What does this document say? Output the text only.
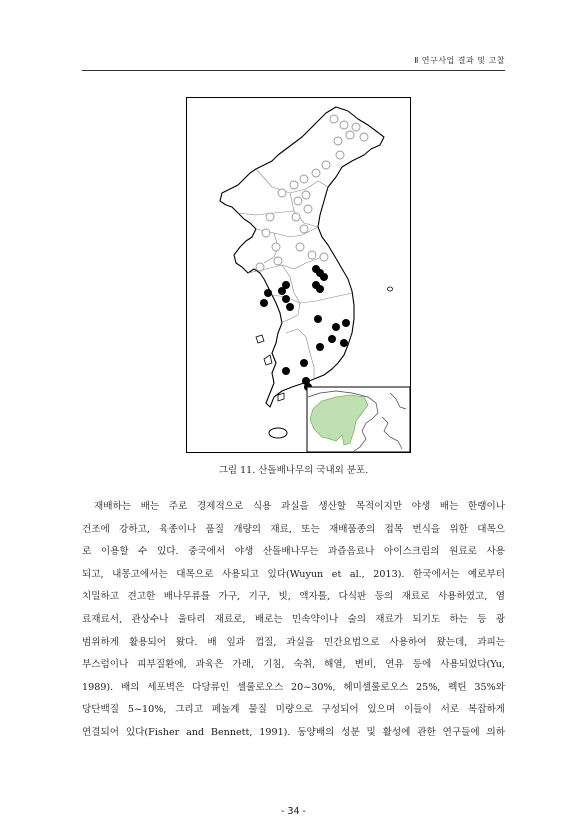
Ⅱ 연구사업 결과 및 고찰
그림 11. 산돌배나무의 국내외 분포.
재배하는 배는 주로 경제적으로 식용 과실을 생산할 목적이지만 야생 배는 한랭이나
건조에 강하고, 육종이나 품질 개량의 재료, 또는 재배품종의 접목 번식을 위한 대목으
로 이용할 수 있다. 중국에서 야생 산돌배나무는 과즙음료나 아이스크림의 원료로 사용
되고, 내몽고에서는 대목으로 사용되고 있다(Wuyun et al., 2013). 한국에서는 예로부터
치밀하고 견고한 배나무류를 가구, 기구, 빗, 액자틀, 다식판 등의 재료로 사용하였고, 염
료재료서, 관상수나 울타리 재료로, 배로는 민속약이나 술의 재료가 되기도 하는 등 광
범위하게 활용되어 왔다. 배 잎과 껍질, 과실을 민간요법으로 사용하여 왔는데, 과피는
부스럼이나 피부질환에, 과육은 가래, 기침, 숙취, 해열, 변비, 연유 등에 사용되었다(Yu,
1989). 배의 세포벽은 다당류인 셀룰로오스 20~30%, 헤미셀룰로오스 25%, 펙틴 35%와
당단백질 5~10%, 그리고 페놀계 물질 미량으로 구성되어 있으며 이들이 서로 복잡하게
연결되어 있다(Fisher and Bennett, 1991). 동양배의 성분 및 활성에 관한 연구들에 의하
- 34 -
